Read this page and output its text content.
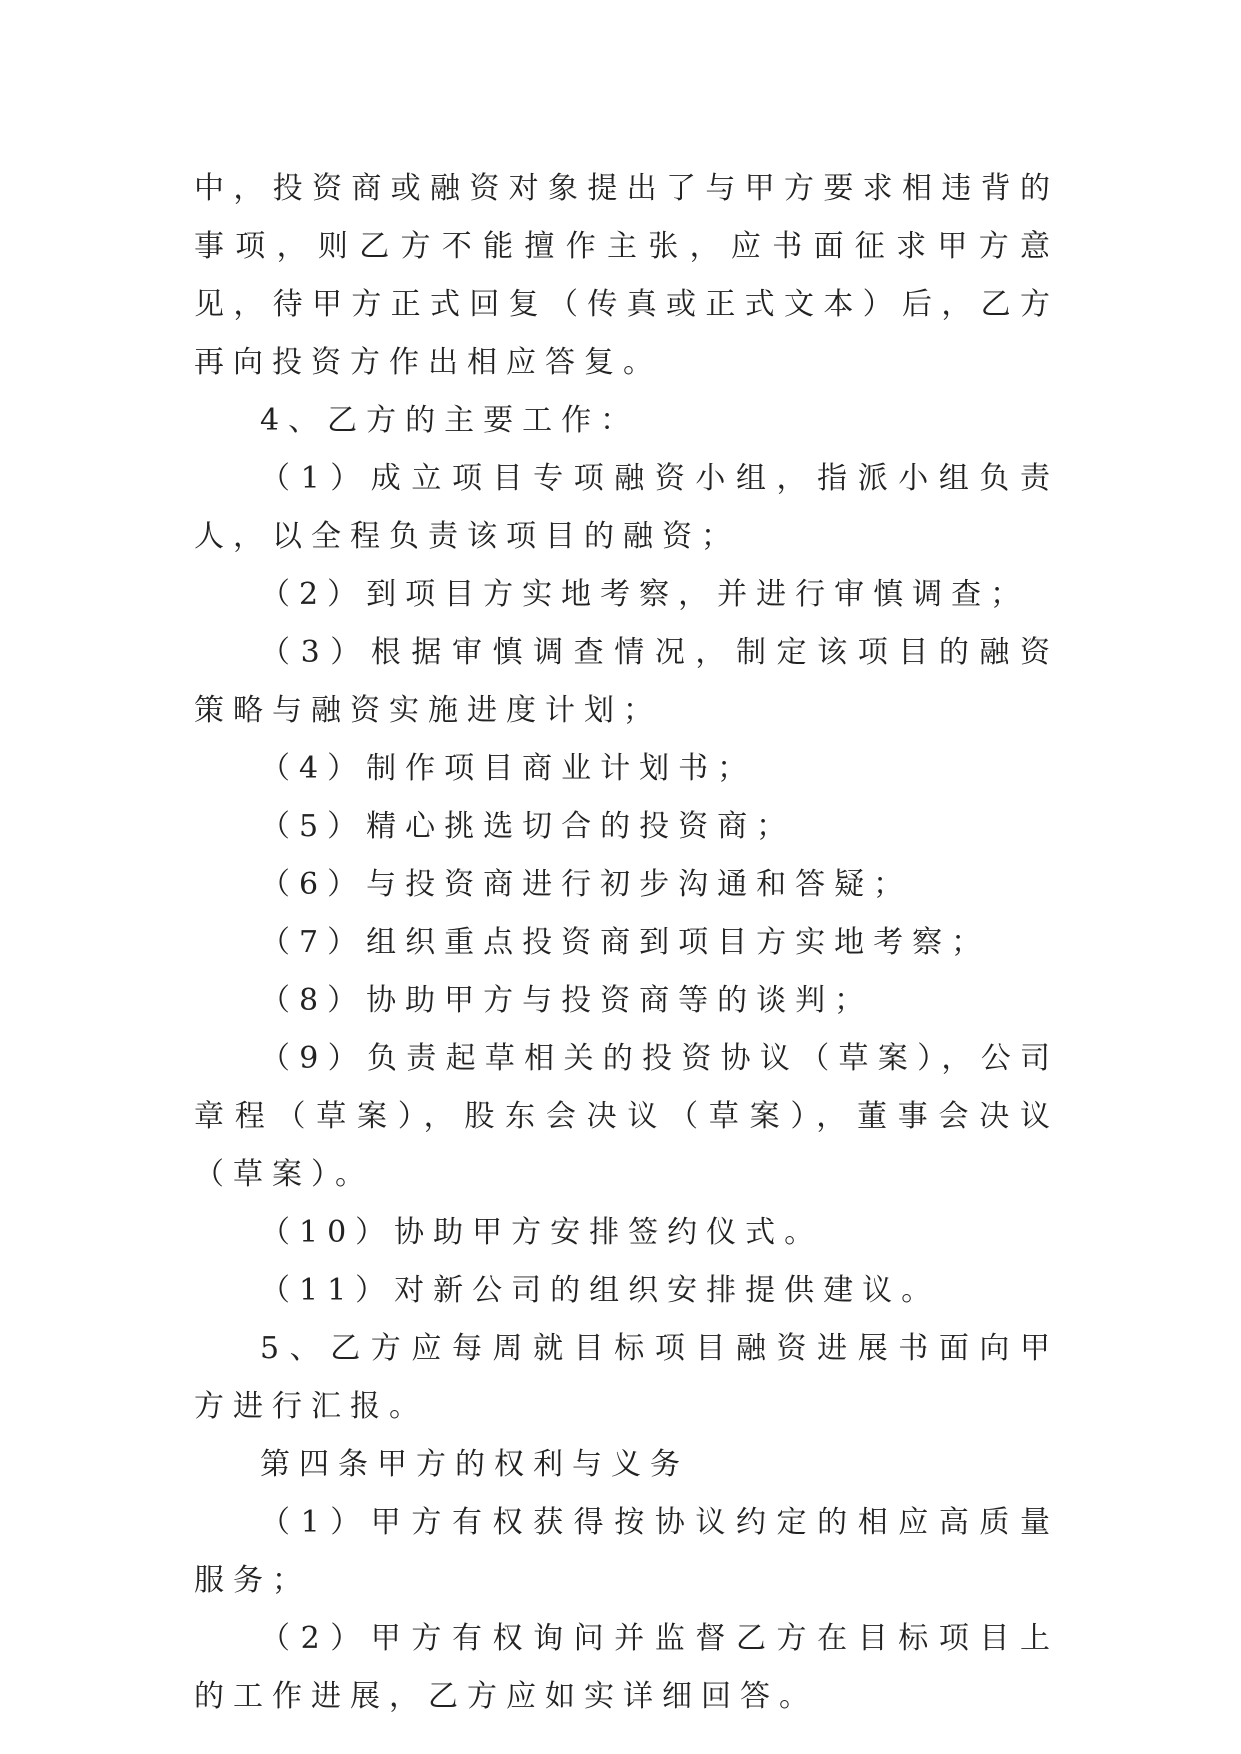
中，投资商或融资对象提出了与甲方要求相违背的事项，则乙方不能擅作主张，应书面征求甲方意见，待甲方正式回复（传真或正式文本）后，乙方再向投资方作出相应答复。

4、乙方的主要工作：

（1）成立项目专项融资小组，指派小组负责人，以全程负责该项目的融资；

（2）到项目方实地考察，并进行审慎调查；

（3）根据审慎调查情况，制定该项目的融资策略与融资实施进度计划；

（4）制作项目商业计划书；

（5）精心挑选切合的投资商；

（6）与投资商进行初步沟通和答疑；

（7）组织重点投资商到项目方实地考察；

（8）协助甲方与投资商等的谈判；

（9）负责起草相关的投资协议（草案），公司章程（草案），股东会决议（草案），董事会决议（草案）。

（10）协助甲方安排签约仪式。

（11）对新公司的组织安排提供建议。

5、乙方应每周就目标项目融资进展书面向甲方进行汇报。

第四条甲方的权利与义务

（1）甲方有权获得按协议约定的相应高质量服务；

（2）甲方有权询问并监督乙方在目标项目上的工作进展，乙方应如实详细回答。
